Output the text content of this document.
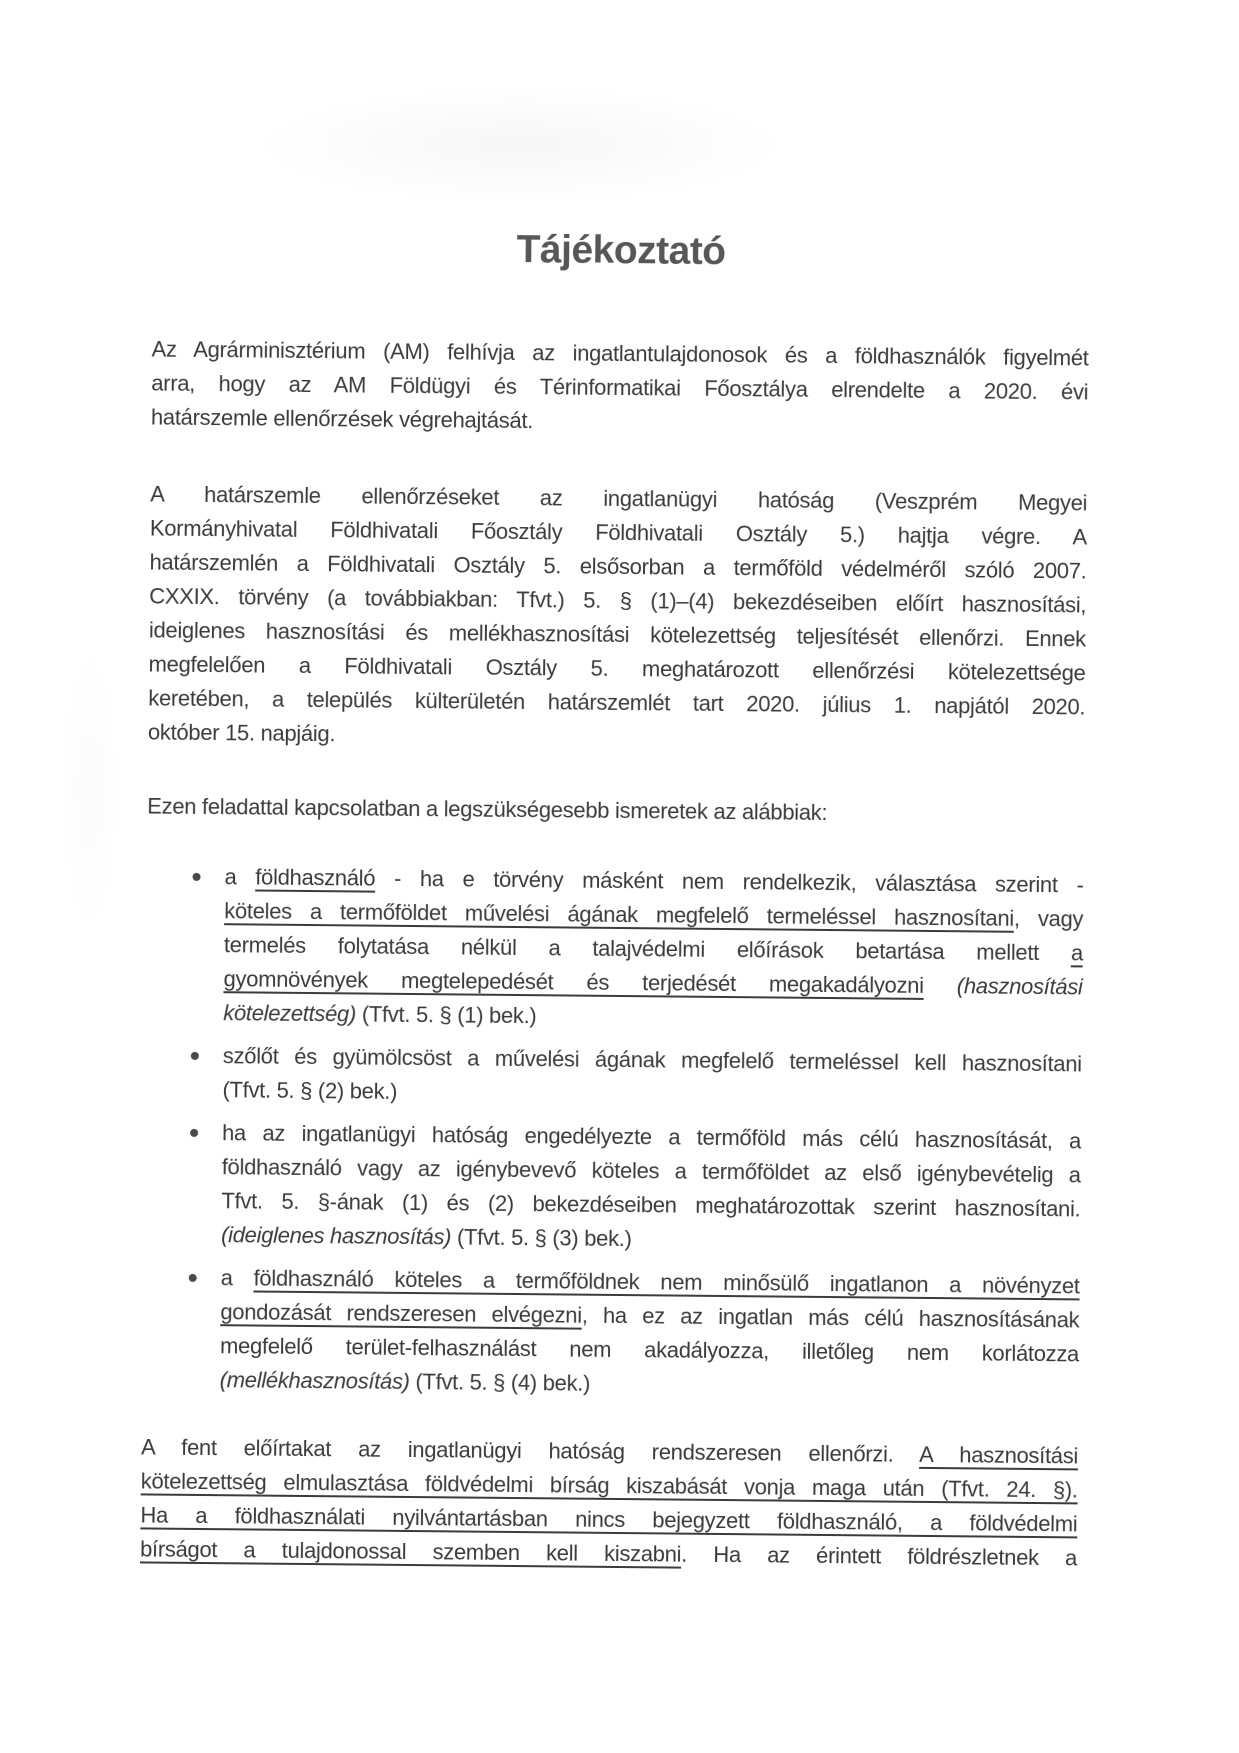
Tájékoztató
Az Agrárminisztérium (AM) felhívja az ingatlantulajdonosok és a földhasználók figyelmét
arra, hogy az AM Földügyi és Térinformatikai Főosztálya elrendelte a 2020. évi
határszemle ellenőrzések végrehajtását.
A határszemle ellenőrzéseket az ingatlanügyi hatóság (Veszprém Megyei
Kormányhivatal Földhivatali Főosztály Földhivatali Osztály 5.) hajtja végre. A
határszemlén a Földhivatali Osztály 5. elsősorban a termőföld védelméről szóló 2007.
CXXIX. törvény (a továbbiakban: Tfvt.) 5. § (1)–(4) bekezdéseiben előírt hasznosítási,
ideiglenes hasznosítási és mellékhasznosítási kötelezettség teljesítését ellenőrzi. Ennek
megfelelően a Földhivatali Osztály 5. meghatározott ellenőrzési kötelezettsége
keretében, a település külterületén határszemlét tart 2020. július 1. napjától 2020.
október 15. napjáig.
Ezen feladattal kapcsolatban a legszükségesebb ismeretek az alábbiak:
a földhasználó - ha e törvény másként nem rendelkezik, választása szerint -
köteles a termőföldet művelési ágának megfelelő termeléssel hasznosítani, vagy
termelés folytatása nélkül a talajvédelmi előírások betartása mellett a
gyomnövények megtelepedését és terjedését megakadályozni (hasznosítási
kötelezettség) (Tfvt. 5. § (1) bek.)
szőlőt és gyümölcsöst a művelési ágának megfelelő termeléssel kell hasznosítani
(Tfvt. 5. § (2) bek.)
ha az ingatlanügyi hatóság engedélyezte a termőföld más célú hasznosítását, a
földhasználó vagy az igénybevevő köteles a termőföldet az első igénybevételig a
Tfvt. 5. §-ának (1) és (2) bekezdéseiben meghatározottak szerint hasznosítani.
(ideiglenes hasznosítás) (Tfvt. 5. § (3) bek.)
a földhasználó köteles a termőföldnek nem minősülő ingatlanon a növényzet
gondozását rendszeresen elvégezni, ha ez az ingatlan más célú hasznosításának
megfelelő terület-felhasználást nem akadályozza, illetőleg nem korlátozza
(mellékhasznosítás) (Tfvt. 5. § (4) bek.)
A fent előírtakat az ingatlanügyi hatóság rendszeresen ellenőrzi. A hasznosítási
kötelezettség elmulasztása földvédelmi bírság kiszabását vonja maga után (Tfvt. 24. §).
Ha a földhasználati nyilvántartásban nincs bejegyzett földhasználó, a földvédelmi
bírságot a tulajdonossal szemben kell kiszabni. Ha az érintett földrészletnek a
